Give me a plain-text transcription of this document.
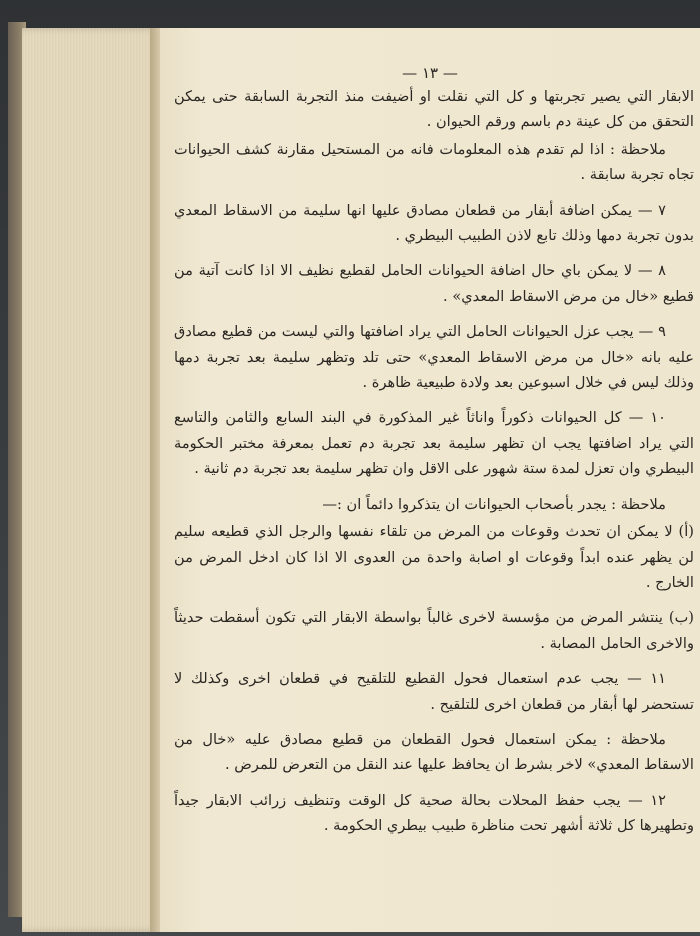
— ١٣ —

الابقار التي يصير تجربتها و كل التي نقلت او أضيفت منذ التجربة السابقة حتى يمكن التحقق من كل عينة دم باسم ورقم الحيوان .

ملاحظة : اذا لم تقدم هذه المعلومات فانه من المستحيل مقارنة كشف الحيوانات تجاه تجربة سابقة .

٧ — يمكن اضافة أبقار من قطعان مصادق عليها انها سليمة من الاسقاط المعدي بدون تجربة دمها وذلك تابع لاذن الطبيب البيطري .

٨ — لا يمكن باي حال اضافة الحيوانات الحامل لقطيع نظيف الا اذا كانت آتية من قطيع «خال من مرض الاسقاط المعدي» .

٩ — يجب عزل الحيوانات الحامل التي يراد اضافتها والتي ليست من قطيع مصادق عليه بانه «خال من مرض الاسقاط المعدي» حتى تلد وتظهر سليمة بعد تجربة دمها وذلك ليس في خلال اسبوعين بعد ولادة طبيعية ظاهرة .

١٠ — كل الحيوانات ذكوراً واناثاً غير المذكورة في البند السابع والثامن والتاسع التي يراد اضافتها يجب ان تظهر سليمة بعد تجربة دم تعمل بمعرفة مختبر الحكومة البيطري وان تعزل لمدة ستة شهور على الاقل وان تظهر سليمة بعد تجربة دم ثانية .

ملاحظة : يجدر بأصحاب الحيوانات ان يتذكروا دائماً ان :—

(أ) لا يمكن ان تحدث وقوعات من المرض من تلقاء نفسها والرجل الذي قطيعه سليم لن يظهر عنده ابداً وقوعات او اصابة واحدة من العدوى الا اذا كان ادخل المرض من الخارج .

(ب) ينتشر المرض من مؤسسة لاخرى غالباً بواسطة الابقار التي تكون أسقطت حديثاً والاخرى الحامل المصابة .

١١ — يجب عدم استعمال فحول القطيع للتلقيح في قطعان اخرى وكذلك لا تستحضر لها أبقار من قطعان اخرى للتلقيح .

ملاحظة : يمكن استعمال فحول القطعان من قطيع مصادق عليه «خال من الاسقاط المعدي» لاخر بشرط ان يحافظ عليها عند النقل من التعرض للمرض .

١٢ — يجب حفظ المحلات بحالة صحية كل الوقت وتنظيف زرائب الابقار جيداً وتطهيرها كل ثلاثة أشهر تحت مناظرة طبيب بيطري الحكومة .
